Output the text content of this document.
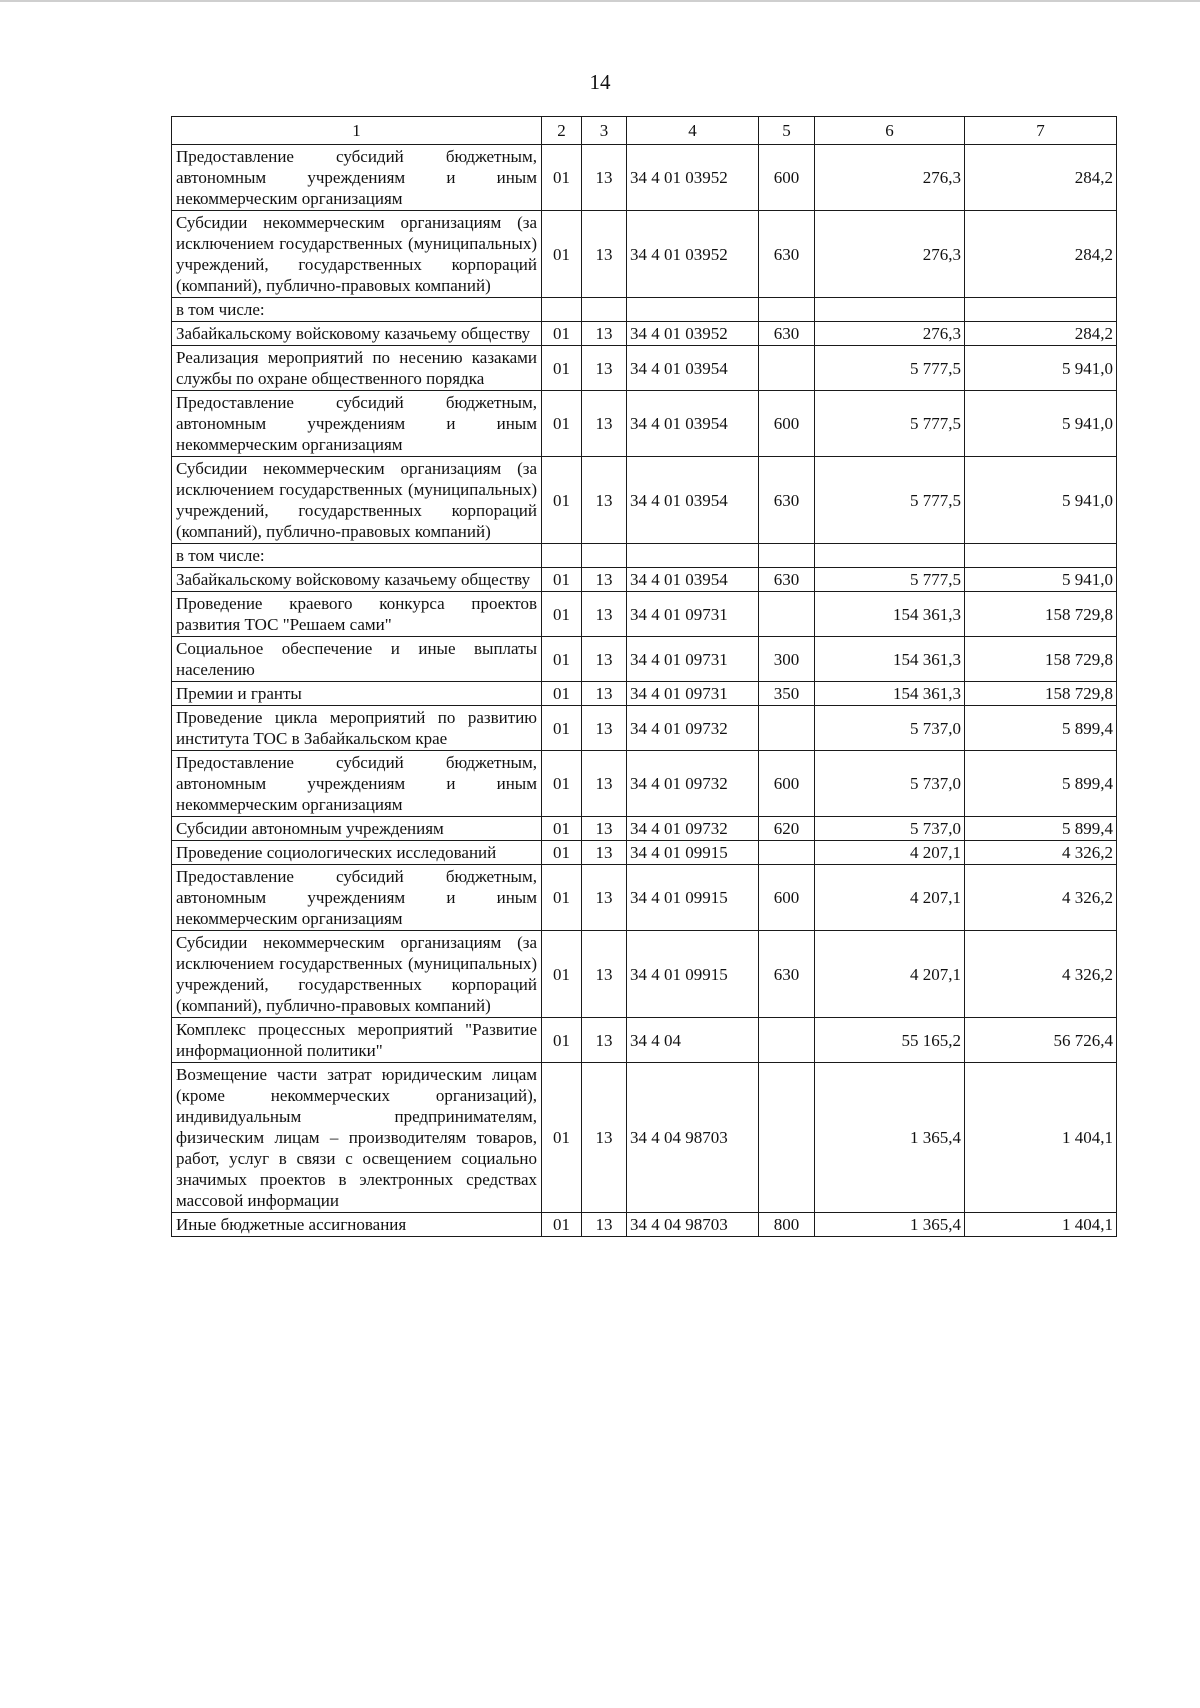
14
1	2	3	4	5	6	7
Предоставление субсидий бюджетным, автономным учреждениям и иным некоммерческим организациям	01	13	34 4 01 03952	600	276,3	284,2
Субсидии некоммерческим организациям (за исключением государственных (муниципальных) учреждений, государственных корпораций (компаний), публично-правовых компаний)	01	13	34 4 01 03952	630	276,3	284,2
в том числе:						
Забайкальскому войсковому казачьему обществу	01	13	34 4 01 03952	630	276,3	284,2
Реализация мероприятий по несению казаками службы по охране общественного порядка	01	13	34 4 01 03954		5 777,5	5 941,0
Предоставление субсидий бюджетным, автономным учреждениям и иным некоммерческим организациям	01	13	34 4 01 03954	600	5 777,5	5 941,0
Субсидии некоммерческим организациям (за исключением государственных (муниципальных) учреждений, государственных корпораций (компаний), публично-правовых компаний)	01	13	34 4 01 03954	630	5 777,5	5 941,0
в том числе:						
Забайкальскому войсковому казачьему обществу	01	13	34 4 01 03954	630	5 777,5	5 941,0
Проведение краевого конкурса проектов развития ТОС "Решаем сами"	01	13	34 4 01 09731		154 361,3	158 729,8
Социальное обеспечение и иные выплаты населению	01	13	34 4 01 09731	300	154 361,3	158 729,8
Премии и гранты	01	13	34 4 01 09731	350	154 361,3	158 729,8
Проведение цикла мероприятий по развитию института ТОС в Забайкальском крае	01	13	34 4 01 09732		5 737,0	5 899,4
Предоставление субсидий бюджетным, автономным учреждениям и иным некоммерческим организациям	01	13	34 4 01 09732	600	5 737,0	5 899,4
Субсидии автономным учреждениям	01	13	34 4 01 09732	620	5 737,0	5 899,4
Проведение социологических исследований	01	13	34 4 01 09915		4 207,1	4 326,2
Предоставление субсидий бюджетным, автономным учреждениям и иным некоммерческим организациям	01	13	34 4 01 09915	600	4 207,1	4 326,2
Субсидии некоммерческим организациям (за исключением государственных (муниципальных) учреждений, государственных корпораций (компаний), публично-правовых компаний)	01	13	34 4 01 09915	630	4 207,1	4 326,2
Комплекс процессных мероприятий "Развитие информационной политики"	01	13	34 4 04		55 165,2	56 726,4
Возмещение части затрат юридическим лицам (кроме некоммерческих организаций), индивидуальным предпринимателям, физическим лицам – производителям товаров, работ, услуг в связи с освещением социально значимых проектов в электронных средствах массовой информации	01	13	34 4 04 98703		1 365,4	1 404,1
Иные бюджетные ассигнования	01	13	34 4 04 98703	800	1 365,4	1 404,1
